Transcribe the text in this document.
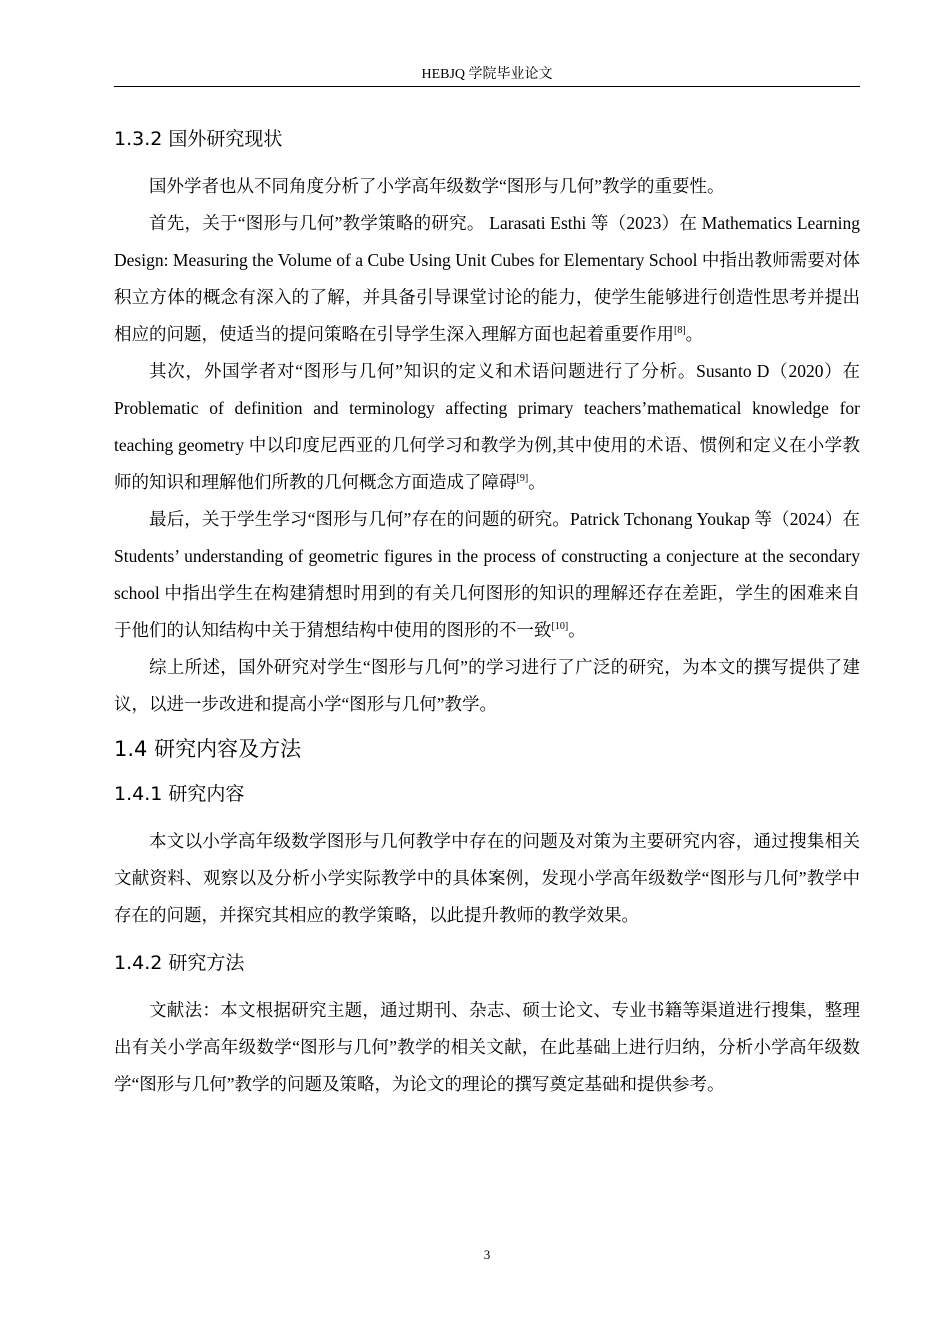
HEBJQ 学院毕业论文
1.3.2 国外研究现状

国外学者也从不同角度分析了小学高年级数学“图形与几何”教学的重要性。

首先，关于“图形与几何”教学策略的研究。 Larasati Esthi 等（2023）在 Mathematics Learning Design: Measuring the Volume of a Cube Using Unit Cubes for Elementary School 中指出教师需要对体积立方体的概念有深入的了解，并具备引导课堂讨论的能力，使学生能够进行创造性思考并提出相应的问题，使适当的提问策略在引导学生深入理解方面也起着重要作用[8]。

其次，外国学者对“图形与几何”知识的定义和术语问题进行了分析。Susanto D（2020）在 Problematic of definition and terminology affecting primary teachers’mathematical knowledge for teaching geometry 中以印度尼西亚的几何学习和教学为例,其中使用的术语、惯例和定义在小学教师的知识和理解他们所教的几何概念方面造成了障碍[9]。

最后，关于学生学习“图形与几何”存在的问题的研究。Patrick Tchonang Youkap 等（2024）在 Students’ understanding of geometric figures in the process of constructing a conjecture at the secondary school 中指出学生在构建猜想时用到的有关几何图形的知识的理解还存在差距，学生的困难来自于他们的认知结构中关于猜想结构中使用的图形的不一致[10]。

综上所述，国外研究对学生“图形与几何”的学习进行了广泛的研究，为本文的撰写提供了建议，以进一步改进和提高小学“图形与几何”教学。

1.4 研究内容及方法
1.4.1 研究内容

本文以小学高年级数学图形与几何教学中存在的问题及对策为主要研究内容，通过搜集相关文献资料、观察以及分析小学实际教学中的具体案例，发现小学高年级数学“图形与几何”教学中存在的问题，并探究其相应的教学策略，以此提升教师的教学效果。

1.4.2 研究方法

文献法：本文根据研究主题，通过期刊、杂志、硕士论文、专业书籍等渠道进行搜集，整理出有关小学高年级数学“图形与几何”教学的相关文献，在此基础上进行归纳，分析小学高年级数学“图形与几何”教学的问题及策略，为论文的理论的撰写奠定基础和提供参考。

3
